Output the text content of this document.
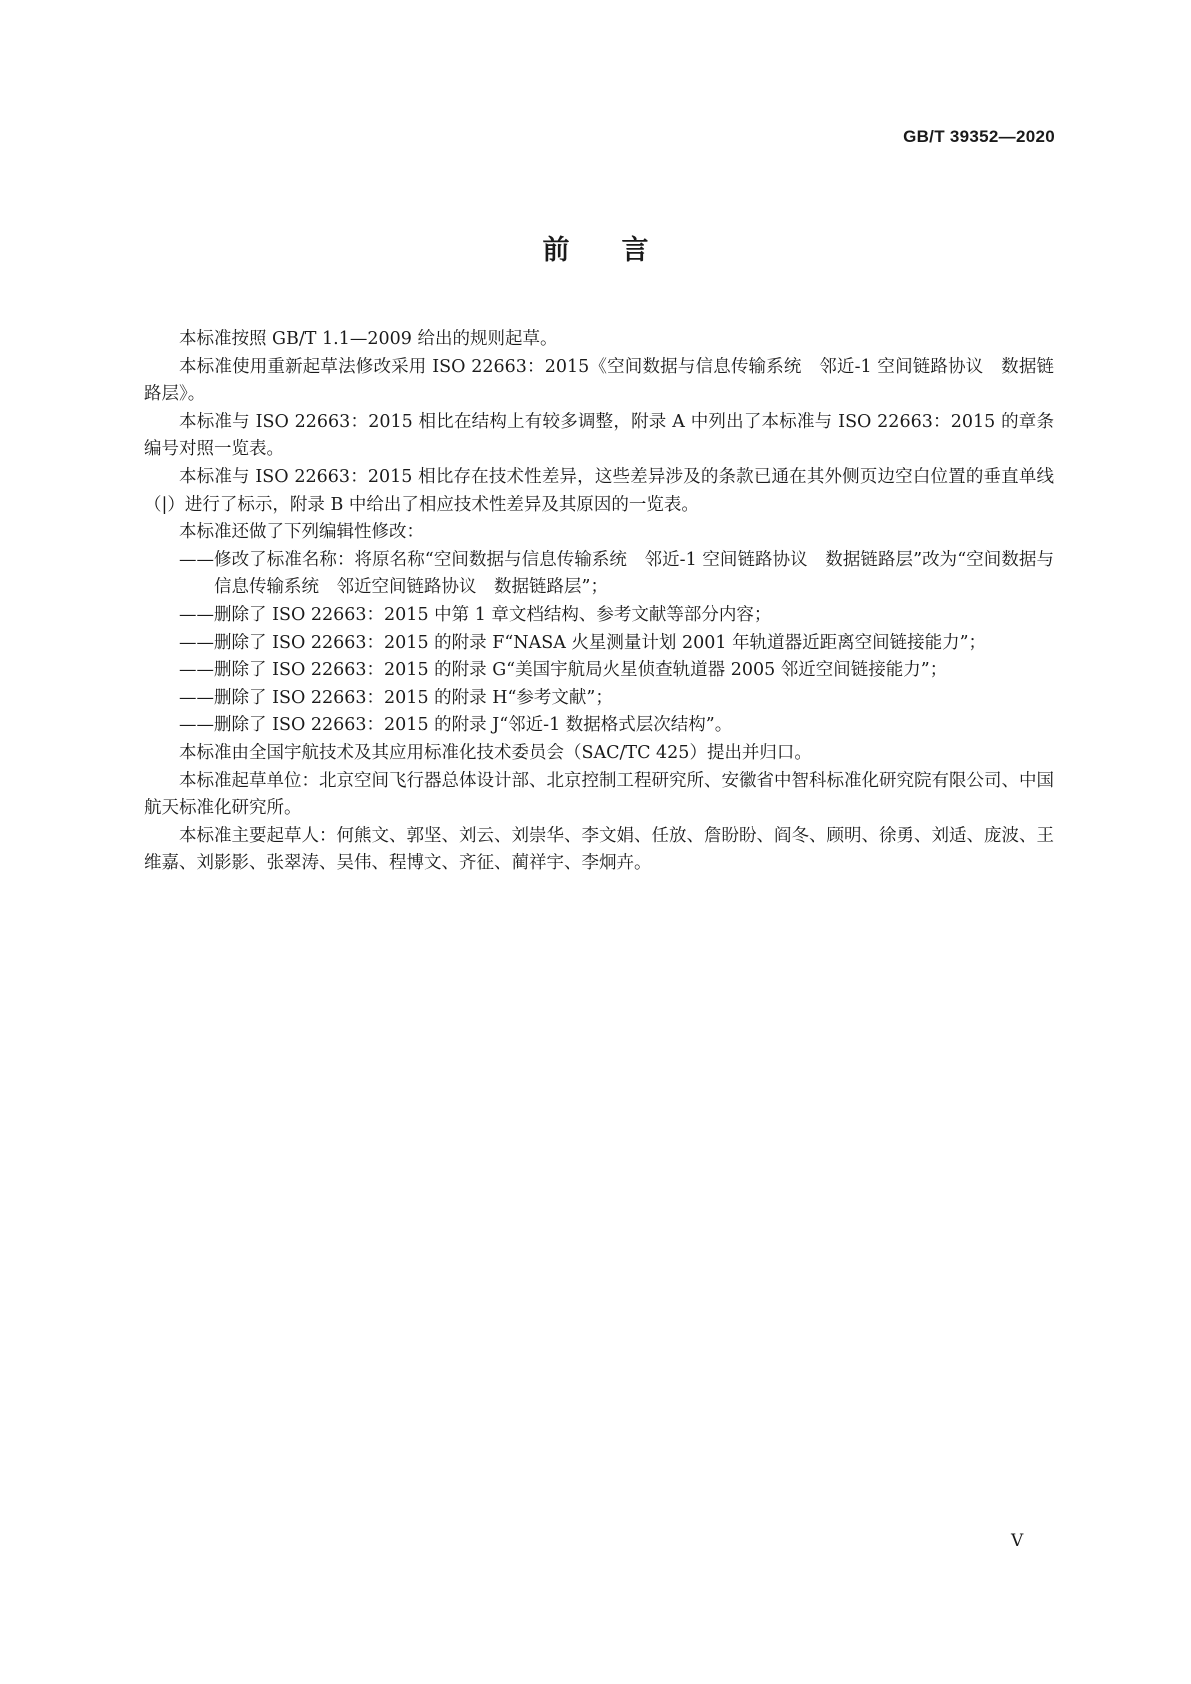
GB/T 39352—2020
前言

本标准按照 GB/T 1.1—2009 给出的规则起草。

本标准使用重新起草法修改采用 ISO 22663：2015《空间数据与信息传输系统　邻近-1 空间链路协议　数据链路层》。

本标准与 ISO 22663：2015 相比在结构上有较多调整，附录 A 中列出了本标准与 ISO 22663：2015 的章条编号对照一览表。

本标准与 ISO 22663：2015 相比存在技术性差异，这些差异涉及的条款已通在其外侧页边空白位置的垂直单线（|）进行了标示，附录 B 中给出了相应技术性差异及其原因的一览表。

本标准还做了下列编辑性修改：

—— 修改了标准名称：将原名称“空间数据与信息传输系统　邻近-1 空间链路协议　数据链路层”改为“空间数据与信息传输系统　邻近空间链路协议　数据链路层”；

—— 删除了 ISO 22663：2015 中第 1 章文档结构、参考文献等部分内容；

—— 删除了 ISO 22663：2015 的附录 F“NASA 火星测量计划 2001 年轨道器近距离空间链接能力”；

—— 删除了 ISO 22663：2015 的附录 G“美国宇航局火星侦查轨道器 2005 邻近空间链接能力”；

—— 删除了 ISO 22663：2015 的附录 H“参考文献”；

—— 删除了 ISO 22663：2015 的附录 J“邻近-1 数据格式层次结构”。

本标准由全国宇航技术及其应用标准化技术委员会（SAC/TC 425）提出并归口。

本标准起草单位：北京空间飞行器总体设计部、北京控制工程研究所、安徽省中智科标准化研究院有限公司、中国航天标准化研究所。

本标准主要起草人：何熊文、郭坚、刘云、刘崇华、李文娟、任放、詹盼盼、阎冬、顾明、徐勇、刘适、庞波、王维嘉、刘影影、张翠涛、吴伟、程博文、齐征、蔺祥宇、李炯卉。

V
